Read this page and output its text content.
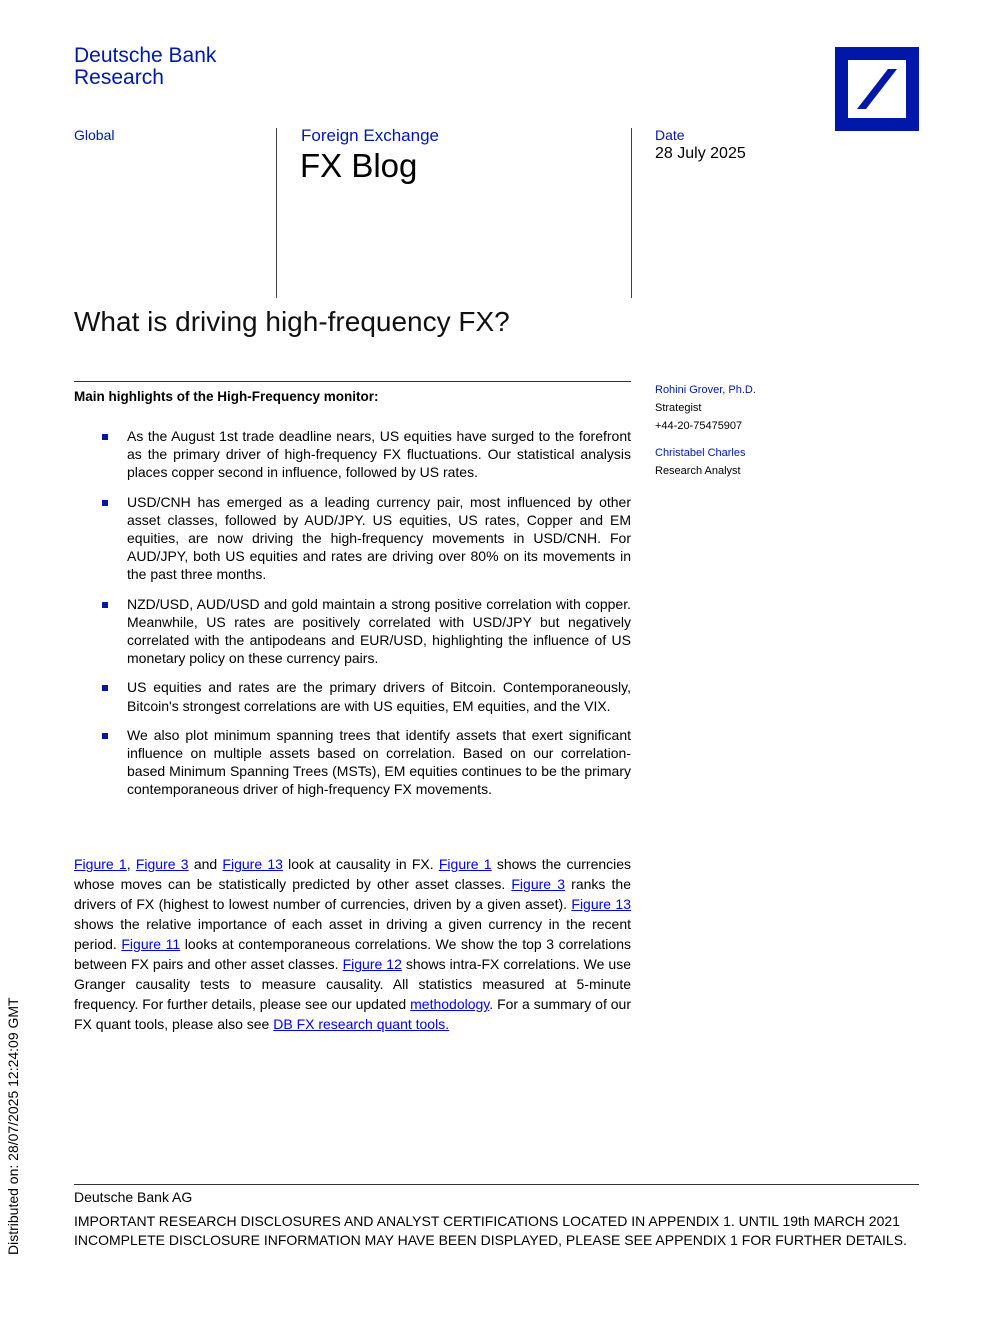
Deutsche Bank
Research
Global	Foreign Exchange
FX Blog
Date
28 July 2025
What is driving high-frequency FX?
Main highlights of the High-Frequency monitor:
As the August 1st trade deadline nears, US equities have surged to the forefront as the primary driver of high-frequency FX fluctuations. Our statistical analysis places copper second in influence, followed by US rates.
USD/CNH has emerged as a leading currency pair, most influenced by other asset classes, followed by AUD/JPY. US equities, US rates, Copper and EM equities, are now driving the high-frequency movements in USD/CNH. For AUD/JPY, both US equities and rates are driving over 80% on its movements in the past three months.
NZD/USD, AUD/USD and gold maintain a strong positive correlation with copper. Meanwhile, US rates are positively correlated with USD/JPY but negatively correlated with the antipodeans and EUR/USD, highlighting the influence of US monetary policy on these currency pairs.
US equities and rates are the primary drivers of Bitcoin. Contemporaneously, Bitcoin's strongest correlations are with US equities, EM equities, and the VIX.
We also plot minimum spanning trees that identify assets that exert significant influence on multiple assets based on correlation. Based on our correlation-based Minimum Spanning Trees (MSTs), EM equities continues to be the primary contemporaneous driver of high-frequency FX movements.

Figure 1, Figure 3 and Figure 13 look at causality in FX. Figure 1 shows the currencies whose moves can be statistically predicted by other asset classes. Figure 3 ranks the drivers of FX (highest to lowest number of currencies, driven by a given asset). Figure 13 shows the relative importance of each asset in driving a given currency in the recent period. Figure 11 looks at contemporaneous correlations. We show the top 3 correlations between FX pairs and other asset classes. Figure 12 shows intra-FX correlations. We use Granger causality tests to measure causality. All statistics measured at 5-minute frequency. For further details, please see our updated methodology. For a summary of our FX quant tools, please also see DB FX research quant tools.

Rohini Grover, Ph.D.
Strategist
+44-20-75475907
Christabel Charles
Research Analyst
Deutsche Bank AG
IMPORTANT RESEARCH DISCLOSURES AND ANALYST CERTIFICATIONS LOCATED IN APPENDIX 1. UNTIL 19th MARCH 2021 INCOMPLETE DISCLOSURE INFORMATION MAY HAVE BEEN DISPLAYED, PLEASE SEE APPENDIX 1 FOR FURTHER DETAILS.
Distributed on: 28/07/2025 12:24:09 GMT
